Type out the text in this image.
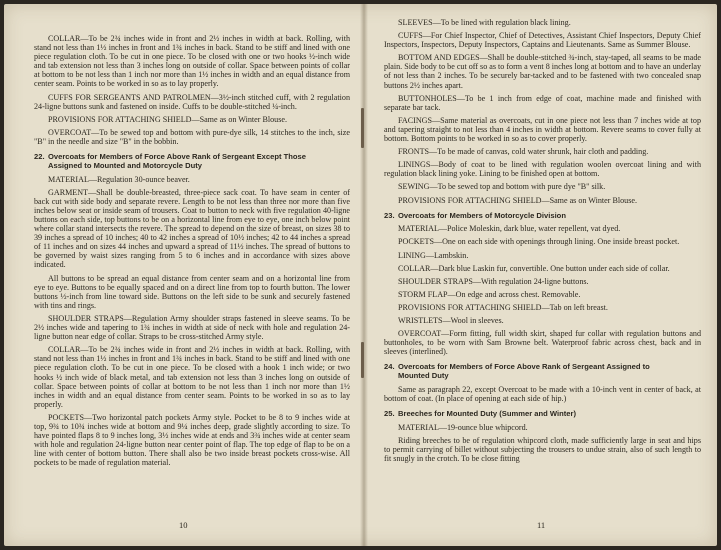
COLLAR—To be 2¾ inches wide in front and 2½ inches in width at back. Rolling, with stand not less than 1½ inches in front and 1¾ inches in back. Stand to be stiff and lined with one piece regulation cloth. To be cut in one piece. To be closed with one or two hooks ½-inch wide and tab extension not less than 3 inches long on outside of collar. Space between points of collar at bottom to be not less than 1 inch nor more than 1½ inches in width and an equal distance from center seam. Points to be worked in so as to lay properly.

CUFFS FOR SERGEANTS AND PATROLMEN—3½-inch stitched cuff, with 2 regulation 24-ligne buttons sunk and fastened on inside. Cuffs to be double-stitched ¼-inch.

PROVISIONS FOR ATTACHING SHIELD—Same as on Winter Blouse.

OVERCOAT—To be sewed top and bottom with pure-dye silk, 14 stitches to the inch, size "B" in the needle and size "B" in the bobbin.

22. Overcoats for Members of Force Above Rank of Sergeant Except Those
Assigned to Mounted and Motorcycle Duty

MATERIAL—Regulation 30-ounce beaver.

GARMENT—Shall be double-breasted, three-piece sack coat. To have seam in center of back cut with side body and separate revere. Length to be not less than three nor more than five inches below seat or inside seam of trousers. Coat to button to neck with five regulation 40-ligne buttons on each side, top buttons to be on a horizontal line from eye to eye, one inch below point where collar stand intersects the revere. The spread to depend on the size of breast, on sizes 38 to 39 inches a spread of 10 inches; 40 to 42 inches a spread of 10½ inches; 42 to 44 inches a spread of 11 inches and on sizes 44 inches and upward a spread of 11½ inches. The spread of buttons to be governed by waist sizes ranging from 5 to 6 inches and in accordance with sizes above indicated.

All buttons to be spread an equal distance from center seam and on a horizontal line from eye to eye. Buttons to be equally spaced and on a direct line from top to fourth button. The lower buttons ½-inch from line toward side. Buttons on the left side to be sunk and securely fastened with tins and rings.

SHOULDER STRAPS—Regulation Army shoulder straps fastened in sleeve seams. To be 2½ inches wide and tapering to 1¾ inches in width at side of neck with hole and regulation 24-ligne button near edge of collar. Straps to be cross-stitched Army style.

COLLAR—To be 2¾ inches wide in front and 2½ inches in width at back. Rolling, with stand not less than 1½ inches in front and 1¾ inches in back. Stand to be stiff and lined with one piece regulation cloth. To be cut in one piece. To be closed with a hook 1 inch wide; or two hooks ½ inch wide of black metal, and tab extension not less than 3 inches long on outside of collar. Space between points of collar at bottom to be not less than 1 inch nor more than 1½ inches in width and an equal distance from center seam. Points to be worked in so as to lay properly.

POCKETS—Two horizontal patch pockets Army style. Pocket to be 8 to 9 inches wide at top, 9¾ to 10¾ inches wide at bottom and 9¼ inches deep, grade slightly according to size. To have pointed flaps 8 to 9 inches long, 3½ inches wide at ends and 3¾ inches wide at center seam with hole and regulation 24-ligne button near center point of flap. The top edge of flap to be on a line with center of bottom button. There shall also be two inside breast pockets cross-wise. All pockets to be made of regulation material.

SLEEVES—To be lined with regulation black lining.

CUFFS—For Chief Inspector, Chief of Detectives, Assistant Chief Inspectors, Deputy Chief Inspectors, Inspectors, Deputy Inspectors, Captains and Lieutenants. Same as Summer Blouse.

BOTTOM AND EDGES—Shall be double-stitched ¾-inch, stay-taped, all seams to be made plain. Side body to be cut off so as to form a vent 8 inches long at bottom and to have an underlay of not less than 2 inches. To be securely bar-tacked and to be fastened with two concealed snap buttons 2½ inches apart.

BUTTONHOLES—To be 1 inch from edge of coat, machine made and finished with separate bar tack.

FACINGS—Same material as overcoats, cut in one piece not less than 7 inches wide at top and tapering straight to not less than 4 inches in width at bottom. Revere seams to cover fully at bottom. Bottom points to be worked in so as to cover properly.

FRONTS—To be made of canvas, cold water shrunk, hair cloth and padding.

LININGS—Body of coat to be lined with regulation woolen overcoat lining and with regulation black lining yoke. Lining to be finished open at bottom.

SEWING—To be sewed top and bottom with pure dye "B" silk.

PROVISIONS FOR ATTACHING SHIELD—Same as on Winter Blouse.

23. Overcoats for Members of Motorcycle Division

MATERIAL—Police Moleskin, dark blue, water repellent, vat dyed.

POCKETS—One on each side with openings through lining. One inside breast pocket.

LINING—Lambskin.

COLLAR—Dark blue Laskin fur, convertible. One button under each side of collar.

SHOULDER STRAPS—With regulation 24-ligne buttons.

STORM FLAP—On edge and across chest. Removable.

PROVISIONS FOR ATTACHING SHIELD—Tab on left breast.

WRISTLETS—Wool in sleeves.

OVERCOAT—Form fitting, full width skirt, shaped fur collar with regulation buttons and buttonholes, to be worn with Sam Browne belt. Waterproof fabric across chest, back and in sleeves (interlined).

24. Overcoats for Members of Force Above Rank of Sergeant Assigned to
Mounted Duty

Same as paragraph 22, except Overcoat to be made with a 10-inch vent in center of back, at bottom of coat. (In place of opening at each side of hip.)

25. Breeches for Mounted Duty (Summer and Winter)

MATERIAL—19-ounce blue whipcord.

Riding breeches to be of regulation whipcord cloth, made sufficiently large in seat and hips to permit carrying of billet without subjecting the trousers to undue strain, also of such length to fit snugly in the crotch. To be close fitting

10	11
